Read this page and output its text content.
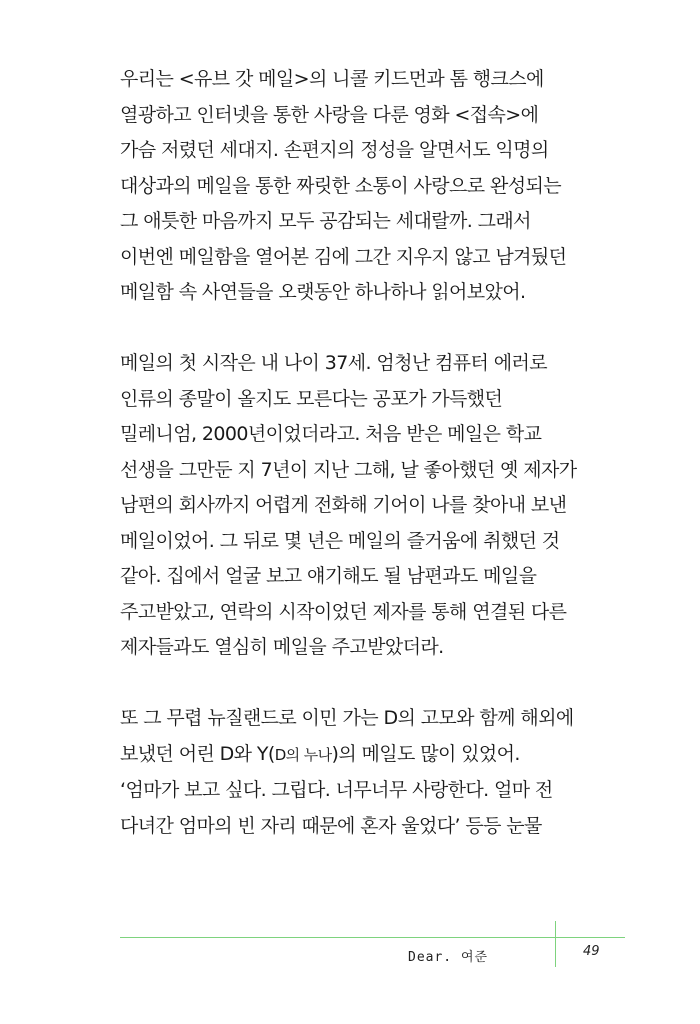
우리는 <유브 갓 메일>의 니콜 키드먼과 톰 행크스에
열광하고 인터넷을 통한 사랑을 다룬 영화 <접속>에
가슴 저렸던 세대지. 손편지의 정성을 알면서도 익명의
대상과의 메일을 통한 짜릿한 소통이 사랑으로 완성되는
그 애틋한 마음까지 모두 공감되는 세대랄까. 그래서
이번엔 메일함을 열어본 김에 그간 지우지 않고 남겨뒀던
메일함 속 사연들을 오랫동안 하나하나 읽어보았어.

메일의 첫 시작은 내 나이 37세. 엄청난 컴퓨터 에러로
인류의 종말이 올지도 모른다는 공포가 가득했던
밀레니엄, 2000년이었더라고. 처음 받은 메일은 학교
선생을 그만둔 지 7년이 지난 그해, 날 좋아했던 옛 제자가
남편의 회사까지 어렵게 전화해 기어이 나를 찾아내 보낸
메일이었어. 그 뒤로 몇 년은 메일의 즐거움에 취했던 것
같아. 집에서 얼굴 보고 얘기해도 될 남편과도 메일을
주고받았고, 연락의 시작이었던 제자를 통해 연결된 다른
제자들과도 열심히 메일을 주고받았더라.

또 그 무렵 뉴질랜드로 이민 가는 D의 고모와 함께 해외에
보냈던 어린 D와 Y(D의 누나)의 메일도 많이 있었어.
‘엄마가 보고 싶다. 그립다. 너무너무 사랑한다. 얼마 전
다녀간 엄마의 빈 자리 때문에 혼자 울었다’ 등등 눈물

Dear. 여준	49
